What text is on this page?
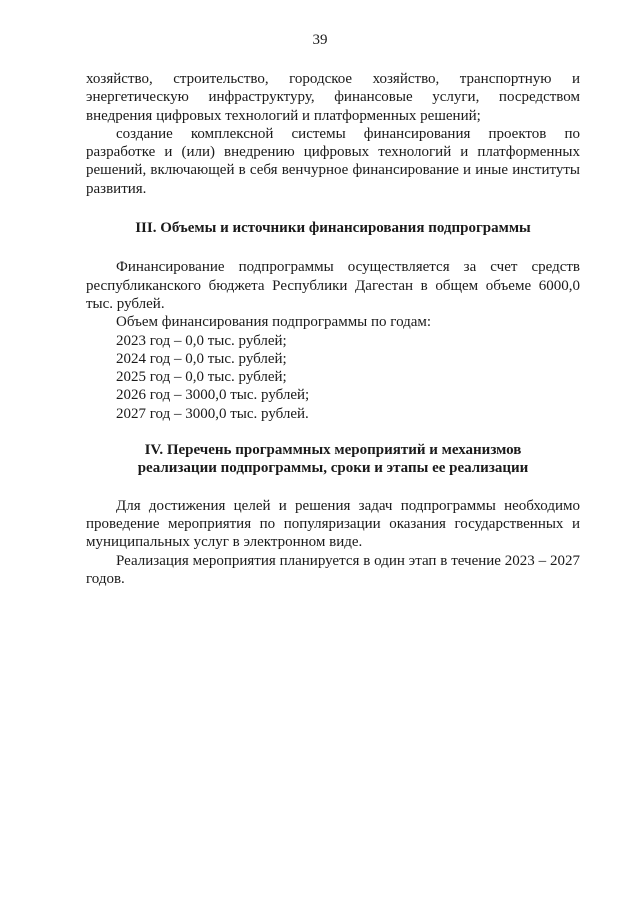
39

хозяйство, строительство, городское хозяйство, транспортную и энергетическую инфраструктуру, финансовые услуги, посредством внедрения цифровых технологий и платформенных решений;

создание комплексной системы финансирования проектов по разработке и (или) внедрению цифровых технологий и платформенных решений, включающей в себя венчурное финансирование и иные институты развития.

III. Объемы и источники финансирования подпрограммы

Финансирование подпрограммы осуществляется за счет средств республиканского бюджета Республики Дагестан в общем объеме 6000,0 тыс. рублей.

Объем финансирования подпрограммы по годам:

2023 год – 0,0 тыс. рублей;

2024 год – 0,0 тыс. рублей;

2025 год – 0,0 тыс. рублей;

2026 год – 3000,0 тыс. рублей;

2027 год – 3000,0 тыс. рублей.

IV. Перечень программных мероприятий и механизмов

реализации подпрограммы, сроки и этапы ее реализации

Для достижения целей и решения задач подпрограммы необходимо проведение мероприятия по популяризации оказания государственных и муниципальных услуг в электронном виде.

Реализация мероприятия планируется в один этап в течение 2023 – 2027 годов.
